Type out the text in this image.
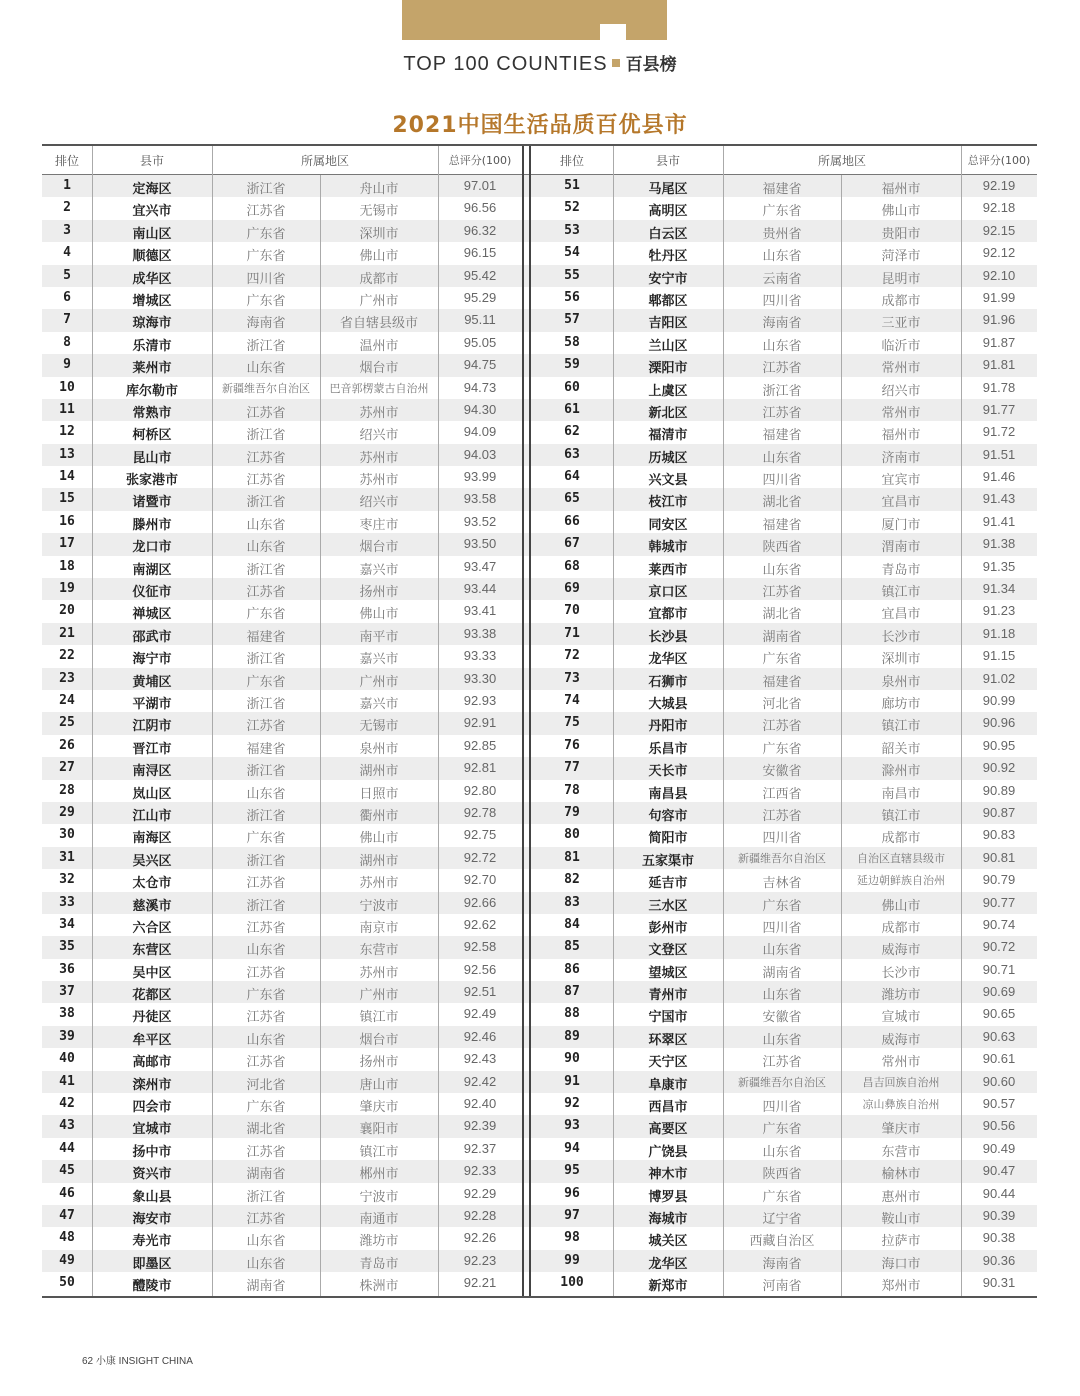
TOP 100 COUNTIES 百县榜
2021中国生活品质百优县市
排位	县市	所属地区	总评分(100)	排位	县市	所属地区	总评分(100)
1	定海区	浙江省	舟山市	97.01	51	马尾区	福建省	福州市	92.19
2	宜兴市	江苏省	无锡市	96.56	52	高明区	广东省	佛山市	92.18
3	南山区	广东省	深圳市	96.32	53	白云区	贵州省	贵阳市	92.15
4	顺德区	广东省	佛山市	96.15	54	牡丹区	山东省	菏泽市	92.12
5	成华区	四川省	成都市	95.42	55	安宁市	云南省	昆明市	92.10
6	增城区	广东省	广州市	95.29	56	郫都区	四川省	成都市	91.99
7	琼海市	海南省	省自辖县级市	95.11	57	吉阳区	海南省	三亚市	91.96
8	乐清市	浙江省	温州市	95.05	58	兰山区	山东省	临沂市	91.87
9	莱州市	山东省	烟台市	94.75	59	溧阳市	江苏省	常州市	91.81
10	库尔勒市	新疆维吾尔自治区	巴音郭楞蒙古自治州	94.73	60	上虞区	浙江省	绍兴市	91.78
11	常熟市	江苏省	苏州市	94.30	61	新北区	江苏省	常州市	91.77
12	柯桥区	浙江省	绍兴市	94.09	62	福清市	福建省	福州市	91.72
13	昆山市	江苏省	苏州市	94.03	63	历城区	山东省	济南市	91.51
14	张家港市	江苏省	苏州市	93.99	64	兴文县	四川省	宜宾市	91.46
15	诸暨市	浙江省	绍兴市	93.58	65	枝江市	湖北省	宜昌市	91.43
16	滕州市	山东省	枣庄市	93.52	66	同安区	福建省	厦门市	91.41
17	龙口市	山东省	烟台市	93.50	67	韩城市	陕西省	渭南市	91.38
18	南湖区	浙江省	嘉兴市	93.47	68	莱西市	山东省	青岛市	91.35
19	仪征市	江苏省	扬州市	93.44	69	京口区	江苏省	镇江市	91.34
20	禅城区	广东省	佛山市	93.41	70	宜都市	湖北省	宜昌市	91.23
21	邵武市	福建省	南平市	93.38	71	长沙县	湖南省	长沙市	91.18
22	海宁市	浙江省	嘉兴市	93.33	72	龙华区	广东省	深圳市	91.15
23	黄埔区	广东省	广州市	93.30	73	石狮市	福建省	泉州市	91.02
24	平湖市	浙江省	嘉兴市	92.93	74	大城县	河北省	廊坊市	90.99
25	江阴市	江苏省	无锡市	92.91	75	丹阳市	江苏省	镇江市	90.96
26	晋江市	福建省	泉州市	92.85	76	乐昌市	广东省	韶关市	90.95
27	南浔区	浙江省	湖州市	92.81	77	天长市	安徽省	滁州市	90.92
28	岚山区	山东省	日照市	92.80	78	南昌县	江西省	南昌市	90.89
29	江山市	浙江省	衢州市	92.78	79	句容市	江苏省	镇江市	90.87
30	南海区	广东省	佛山市	92.75	80	简阳市	四川省	成都市	90.83
31	吴兴区	浙江省	湖州市	92.72	81	五家渠市	新疆维吾尔自治区	自治区直辖县级市	90.81
32	太仓市	江苏省	苏州市	92.70	82	延吉市	吉林省	延边朝鲜族自治州	90.79
33	慈溪市	浙江省	宁波市	92.66	83	三水区	广东省	佛山市	90.77
34	六合区	江苏省	南京市	92.62	84	彭州市	四川省	成都市	90.74
35	东营区	山东省	东营市	92.58	85	文登区	山东省	威海市	90.72
36	吴中区	江苏省	苏州市	92.56	86	望城区	湖南省	长沙市	90.71
37	花都区	广东省	广州市	92.51	87	青州市	山东省	潍坊市	90.69
38	丹徒区	江苏省	镇江市	92.49	88	宁国市	安徽省	宣城市	90.65
39	牟平区	山东省	烟台市	92.46	89	环翠区	山东省	威海市	90.63
40	高邮市	江苏省	扬州市	92.43	90	天宁区	江苏省	常州市	90.61
41	滦州市	河北省	唐山市	92.42	91	阜康市	新疆维吾尔自治区	昌吉回族自治州	90.60
42	四会市	广东省	肇庆市	92.40	92	西昌市	四川省	凉山彝族自治州	90.57
43	宜城市	湖北省	襄阳市	92.39	93	高要区	广东省	肇庆市	90.56
44	扬中市	江苏省	镇江市	92.37	94	广饶县	山东省	东营市	90.49
45	资兴市	湖南省	郴州市	92.33	95	神木市	陕西省	榆林市	90.47
46	象山县	浙江省	宁波市	92.29	96	博罗县	广东省	惠州市	90.44
47	海安市	江苏省	南通市	92.28	97	海城市	辽宁省	鞍山市	90.39
48	寿光市	山东省	潍坊市	92.26	98	城关区	西藏自治区	拉萨市	90.38
49	即墨区	山东省	青岛市	92.23	99	龙华区	海南省	海口市	90.36
50	醴陵市	湖南省	株洲市	92.21	100	新郑市	河南省	郑州市	90.31
62 小康 INSIGHT CHINA
